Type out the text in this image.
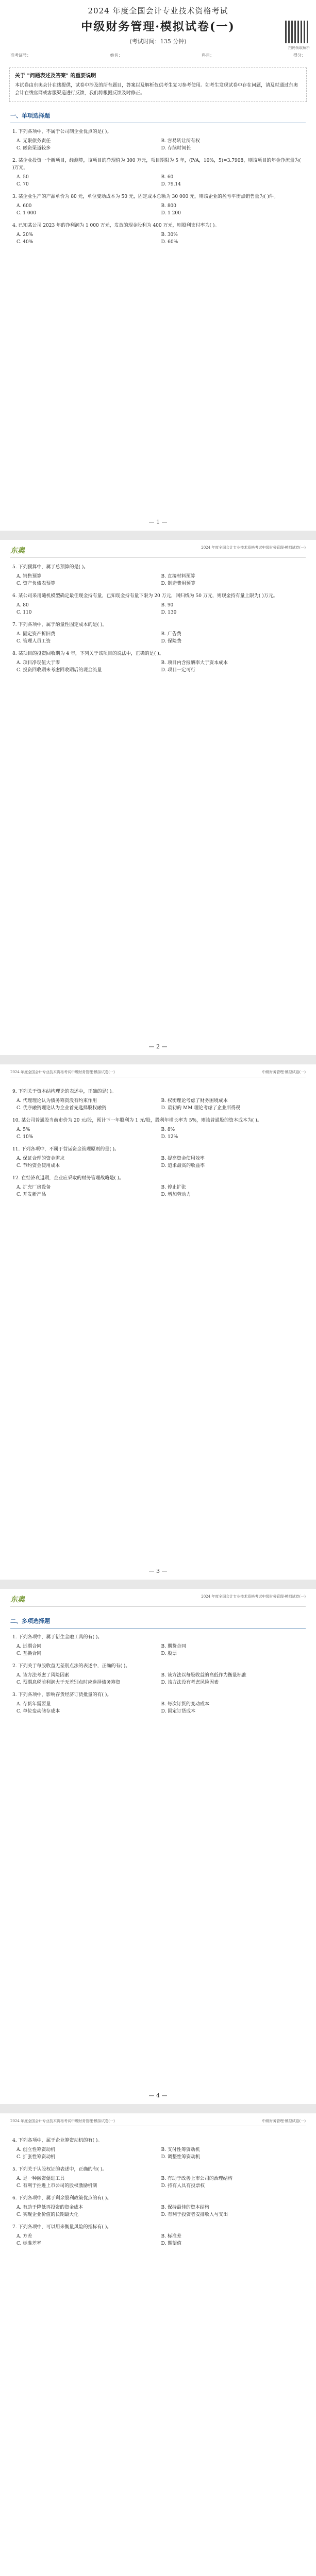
2024 年度全国会计专业技术资格考试
中级财务管理·模拟试卷(一)
(考试时间：135 分钟)
扫码领取解析
准考证号：	姓名：	科目：	得分：
关于 "问题表述及答案" 的重要说明
本试卷由东奥会计在线提供，试卷中涉及的所有题目，答案以及解析仅供考生复习参考使用。如考生发现试卷中存在问题，请及时通过东奥会计在线官网或客服渠道进行反馈，我们将根据反馈及时修正。
一、单项选择题
1. 下列各项中，不属于公司制企业优点的是( )。
A. 无限债务责任	B. 容易转让所有权
C. 融资渠道较多	D. 存续时间长
2. 某企业投资一个新项目，经测算，该项目的净现值为 300 万元，项目期限为 5 年，(P/A，10%，5)=3.7908，则该项目的年金净流量为( )万元。
A. 50	B. 60
C. 70	D. 79.14
3. 某企业生产的产品单价为 80 元，单位变动成本为 50 元，固定成本总额为 30 000 元，则该企业的盈亏平衡点销售量为( )件。
A. 600	B. 800
C. 1 000	D. 1 200
4. 已知某公司 2023 年的净利润为 1 000 万元，发放的现金股利为 400 万元，则股利支付率为( )。
A. 20%	B. 30%
C. 40%	D. 60%
— 1 —
东奥	2024 年度全国会计专业技术资格考试中级财务管理·模拟试卷(一)
5. 下列预算中，属于总预算的是( )。
A. 销售预算	B. 直接材料预算
C. 资产负债表预算	D. 制造费用预算
6. 某公司采用随机模型确定最佳现金持有量，已知现金持有量下限为 20 万元，回归线为 50 万元，则现金持有量上限为( )万元。
A. 80	B. 90
C. 110	D. 130
7. 下列各项中，属于酌量性固定成本的是( )。
A. 固定资产折旧费	B. 广告费
C. 管理人员工资	D. 保险费
8. 某项目的投资回收期为 4 年，下列关于该项目的说法中，正确的是( )。
A. 项目净现值大于零	B. 项目内含报酬率大于资本成本
C. 投资回收期未考虑回收期后的现金流量	D. 项目一定可行
— 2 —
2024 年度全国会计专业技术资格考试中级财务管理·模拟试卷(一)	中级财务管理·模拟试卷(一)
9. 下列关于资本结构理论的表述中，正确的是( )。
A. 代理理论认为债务筹资没有约束作用	B. 权衡理论考虑了财务困境成本
C. 优序融资理论认为企业首先选择股权融资	D. 最初的 MM 理论考虑了企业所得税
10. 某公司普通股当前市价为 20 元/股，预计下一年股利为 1 元/股，股利年增长率为 5%，则该普通股的资本成本为( )。
A. 5%	B. 8%
C. 10%	D. 12%
11. 下列各项中，不属于营运资金管理原则的是( )。
A. 保证合理的资金需求	B. 提高资金使用效率
C. 节约资金使用成本	D. 追求最高的收益率
12. 在经济衰退期，企业应采取的财务管理战略是( )。
A. 扩充厂房设备	B. 停止扩张
C. 开发新产品	D. 增加劳动力
— 3 —
东奥	2024 年度全国会计专业技术资格考试中级财务管理·模拟试卷(一)
二、多项选择题
1. 下列各项中，属于衍生金融工具的有( )。
A. 远期合同	B. 期货合同
C. 互换合同	D. 股票
2. 下列关于每股收益无差别点法的表述中，正确的有( )。
A. 该方法考虑了风险因素	B. 该方法以每股收益的高低作为衡量标准
C. 预期息税前利润大于无差别点时应选择债务筹资	D. 该方法没有考虑风险因素
3. 下列各项中，影响存货经济订货批量的有( )。
A. 存货年需要量	B. 每次订货的变动成本
C. 单位变动储存成本	D. 固定订货成本
— 4 —
2024 年度全国会计专业技术资格考试中级财务管理·模拟试卷(一)	中级财务管理·模拟试卷(一)
4. 下列各项中，属于企业筹资动机的有( )。
A. 创立性筹资动机	B. 支付性筹资动机
C. 扩张性筹资动机	D. 调整性筹资动机
5. 下列关于认股权证的表述中，正确的有( )。
A. 是一种融资促进工具	B. 有助于改善上市公司的治理结构
C. 有利于推进上市公司的股权激励机制	D. 持有人具有投票权
6. 下列各项中，属于剩余股利政策优点的有( )。
A. 有助于降低再投资的资金成本	B. 保持最佳的资本结构
C. 实现企业价值的长期最大化	D. 有利于投资者安排收入与支出
7. 下列各项中，可以用来衡量风险的指标有( )。
A. 方差	B. 标准差
C. 标准差率	D. 期望值
